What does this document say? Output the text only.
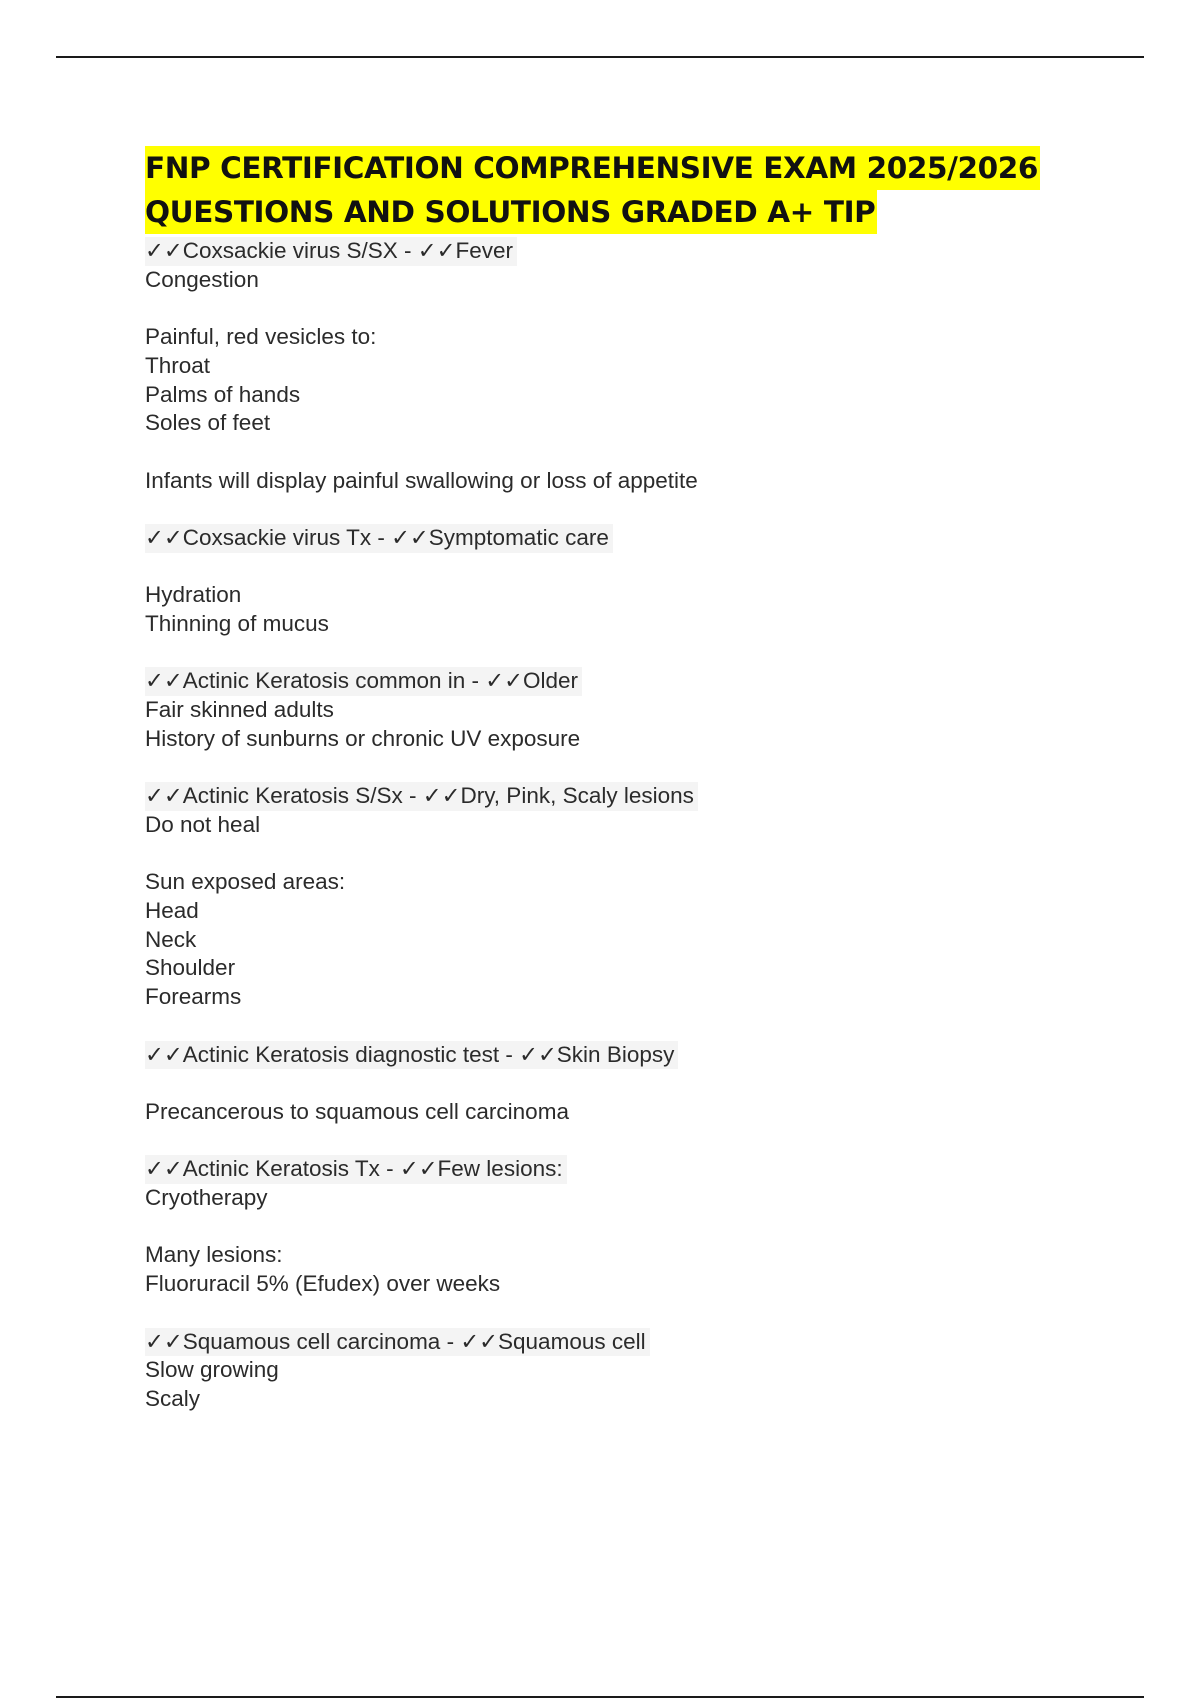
FNP CERTIFICATION COMPREHENSIVE EXAM 2025/2026
QUESTIONS AND SOLUTIONS GRADED A+ TIP
✓✓Coxsackie virus S/SX - ✓✓Fever
Congestion
Painful, red vesicles to:
Throat
Palms of hands
Soles of feet
Infants will display painful swallowing or loss of appetite
✓✓Coxsackie virus Tx - ✓✓Symptomatic care
Hydration
Thinning of mucus
✓✓Actinic Keratosis common in - ✓✓Older
Fair skinned adults
History of sunburns or chronic UV exposure
✓✓Actinic Keratosis S/Sx - ✓✓Dry, Pink, Scaly lesions
Do not heal
Sun exposed areas:
Head
Neck
Shoulder
Forearms
✓✓Actinic Keratosis diagnostic test - ✓✓Skin Biopsy
Precancerous to squamous cell carcinoma
✓✓Actinic Keratosis Tx - ✓✓Few lesions:
Cryotherapy
Many lesions:
Fluoruracil 5% (Efudex) over weeks
✓✓Squamous cell carcinoma - ✓✓Squamous cell
Slow growing
Scaly
